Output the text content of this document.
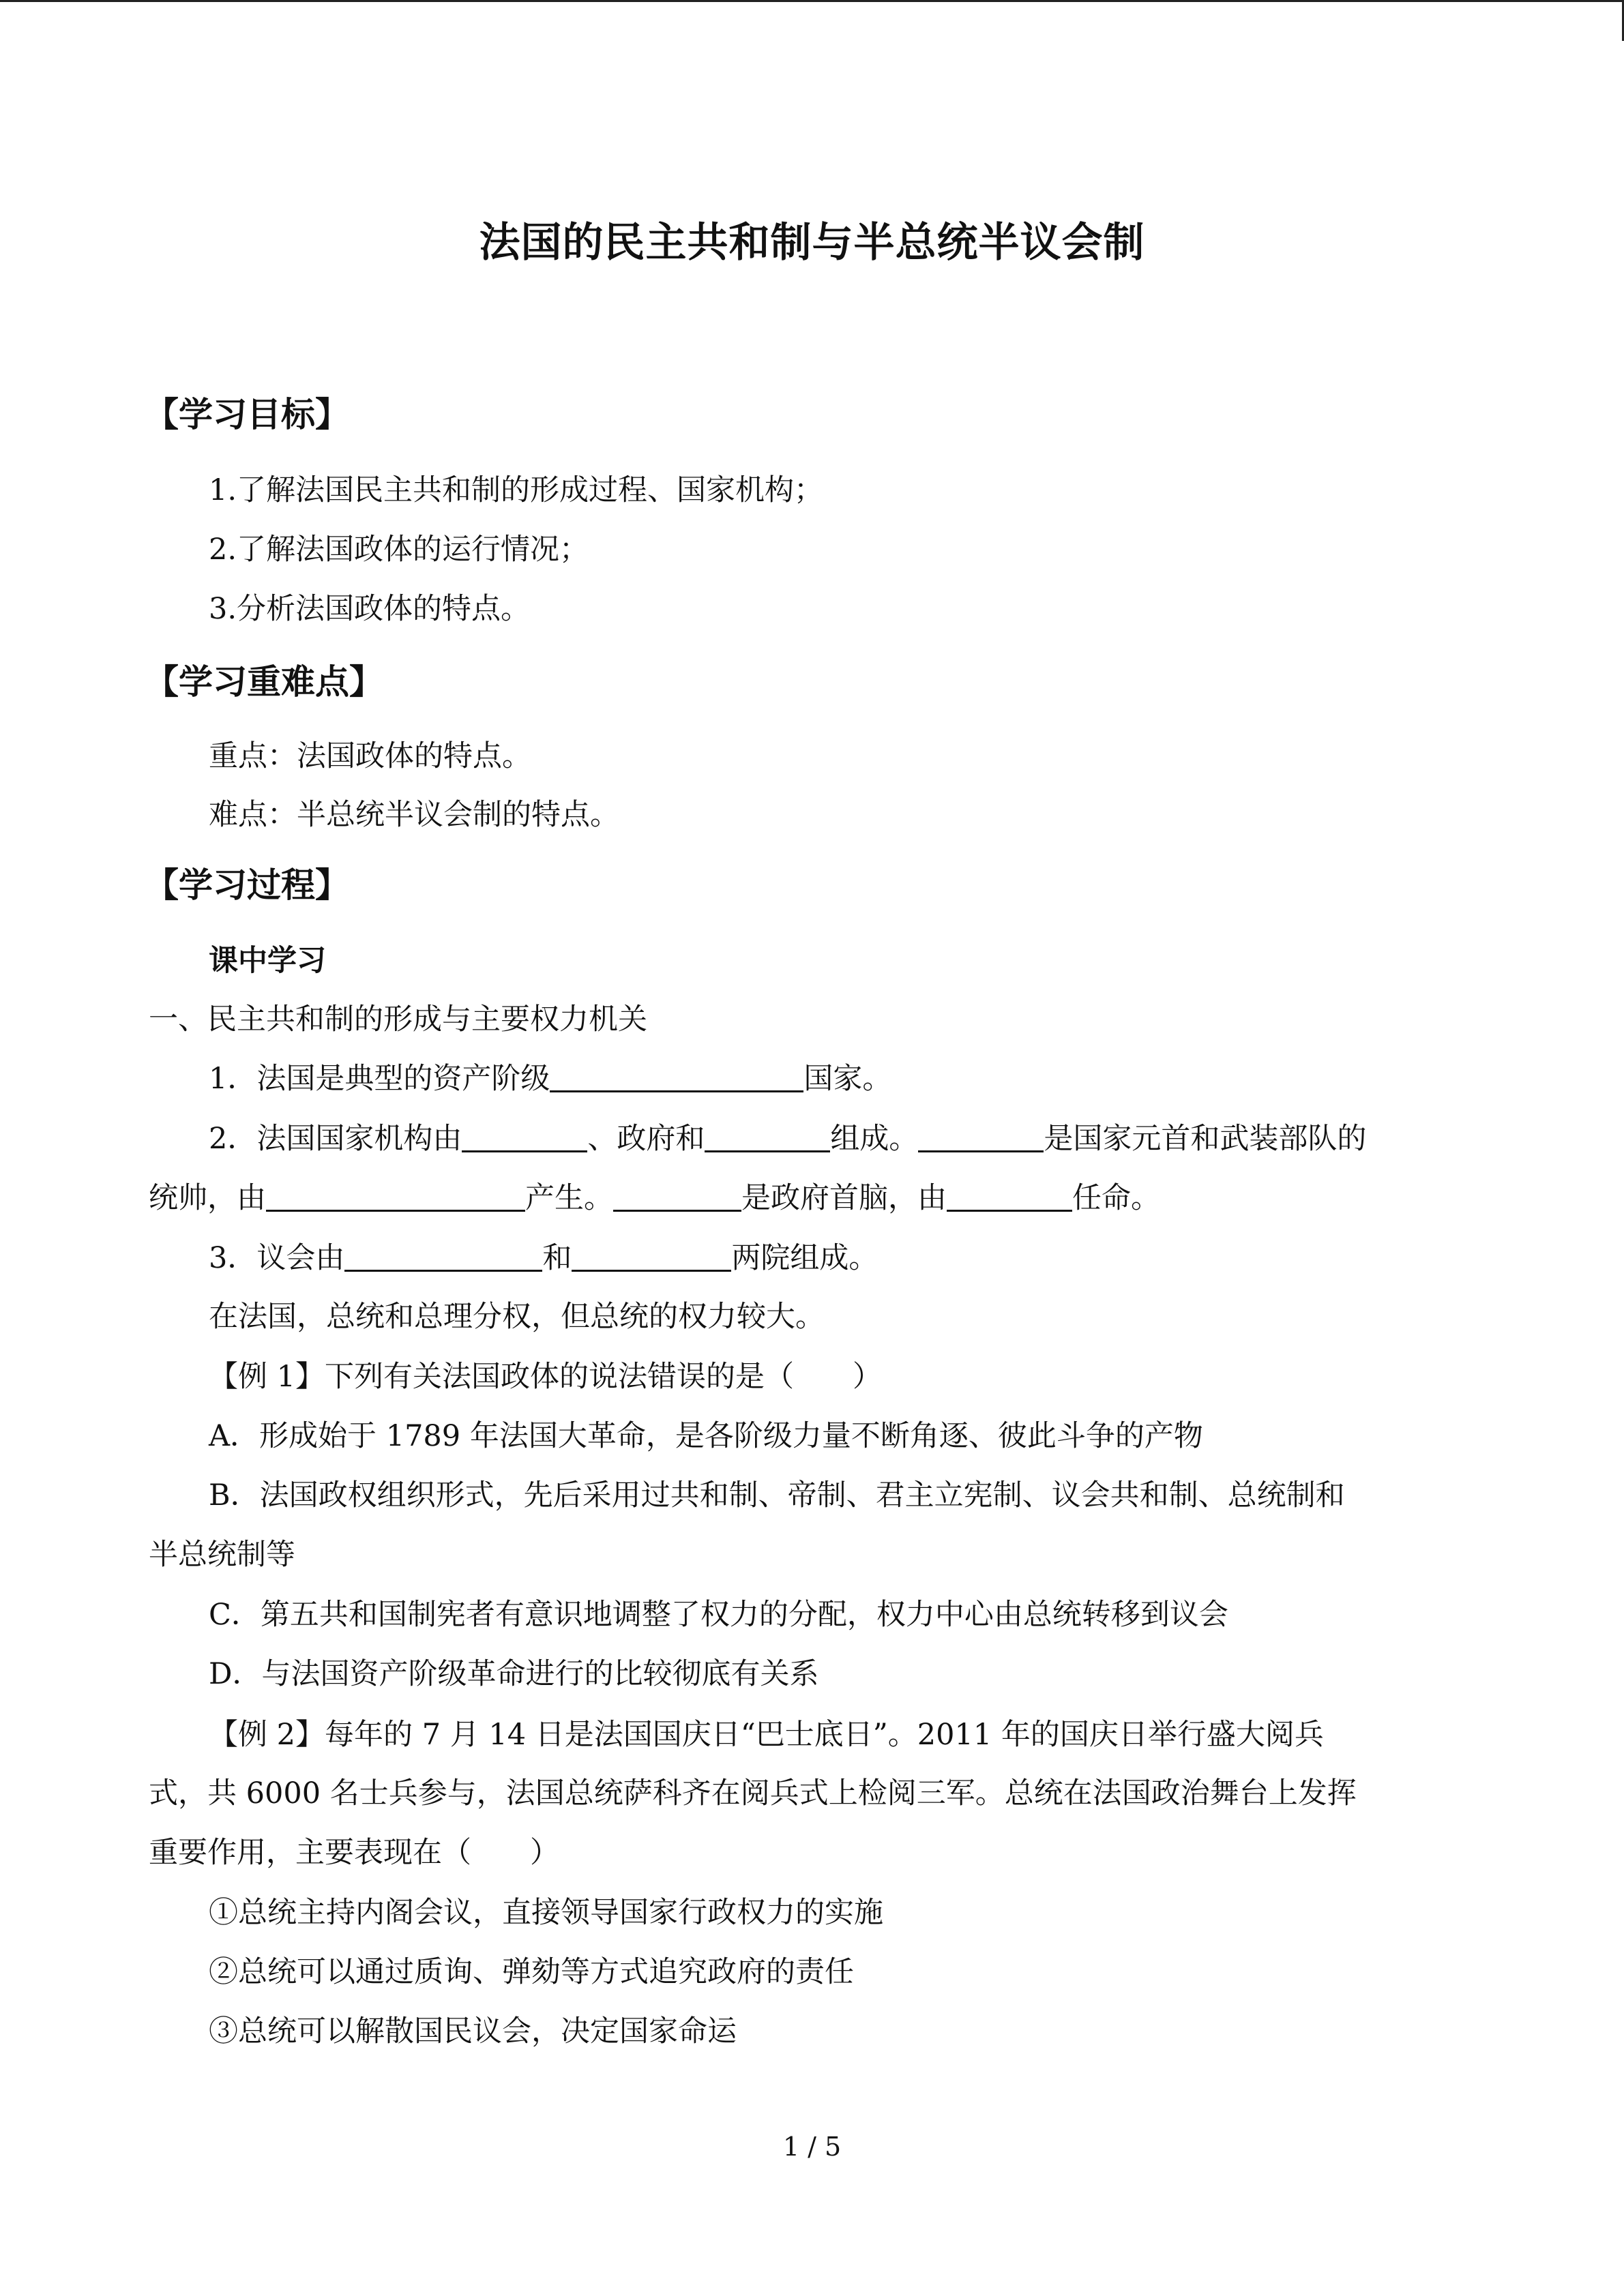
法国的民主共和制与半总统半议会制
【学习目标】
1.了解法国民主共和制的形成过程、国家机构；
2.了解法国政体的运行情况；
3.分析法国政体的特点。
【学习重难点】
重点：法国政体的特点。
难点：半总统半议会制的特点。
【学习过程】
课中学习
一、民主共和制的形成与主要权力机关
1．法国是典型的资产阶级	国家。
2．法国国家机构由	、政府和	组成。	是国家元首和武装部队的
统帅，由	产生。	是政府首脑，由	任命。
3．议会由	和	两院组成。
在法国，总统和总理分权，但总统的权力较大。
【例 1】下列有关法国政体的说法错误的是（　　）
A．形成始于 1789 年法国大革命，是各阶级力量不断角逐、彼此斗争的产物
B．法国政权组织形式，先后采用过共和制、帝制、君主立宪制、议会共和制、总统制和
半总统制等
C．第五共和国制宪者有意识地调整了权力的分配，权力中心由总统转移到议会
D．与法国资产阶级革命进行的比较彻底有关系
【例 2】每年的 7 月 14 日是法国国庆日“巴士底日”。2011 年的国庆日举行盛大阅兵
式，共 6000 名士兵参与，法国总统萨科齐在阅兵式上检阅三军。总统在法国政治舞台上发挥
重要作用，主要表现在（　　）
①总统主持内阁会议，直接领导国家行政权力的实施
②总统可以通过质询、弹劾等方式追究政府的责任
③总统可以解散国民议会，决定国家命运
1 / 5
